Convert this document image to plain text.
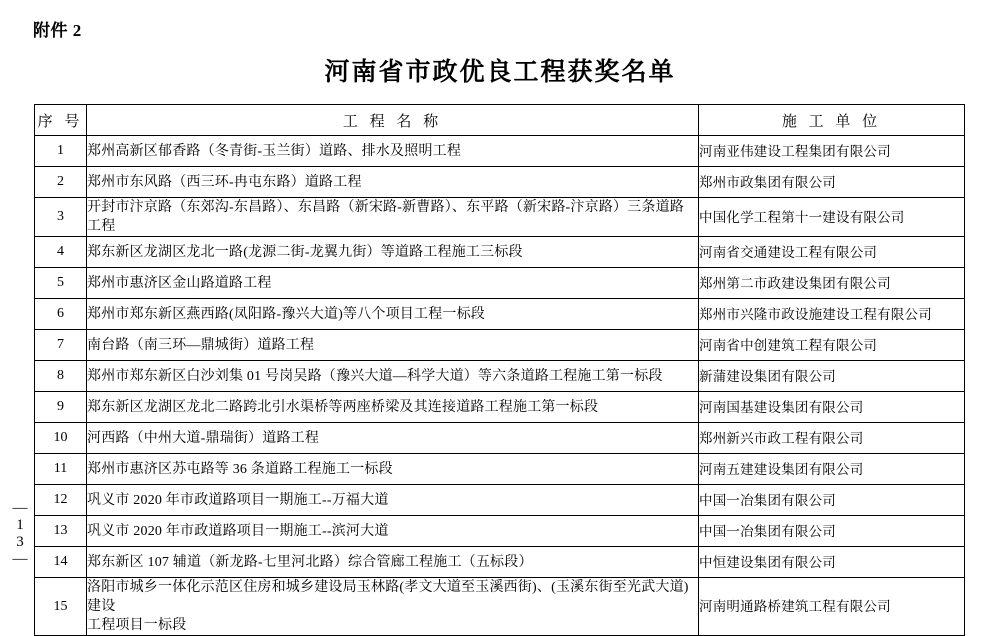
附件 2
河南省市政优良工程获奖名单
—
1
3
—
序 号	工 程 名 称	施 工 单 位
1	郑州高新区郁香路（冬青街-玉兰街）道路、排水及照明工程	河南亚伟建设工程集团有限公司
2	郑州市东风路（西三环-冉屯东路）道路工程	郑州市政集团有限公司
3	开封市汴京路（东郊沟-东昌路）、东昌路（新宋路-新曹路）、东平路（新宋路-汴京路）三条道路工程	中国化学工程第十一建设有限公司
4	郑东新区龙湖区龙北一路(龙源二街-龙翼九街）等道路工程施工三标段	河南省交通建设工程有限公司
5	郑州市惠济区金山路道路工程	郑州第二市政建设集团有限公司
6	郑州市郑东新区燕西路(凤阳路-豫兴大道)等八个项目工程一标段	郑州市兴隆市政设施建设工程有限公司
7	南台路（南三环—鼎城街）道路工程	河南省中创建筑工程有限公司
8	郑州市郑东新区白沙刘集 01 号岗吴路（豫兴大道—科学大道）等六条道路工程施工第一标段	新蒲建设集团有限公司
9	郑东新区龙湖区龙北二路跨北引水渠桥等两座桥梁及其连接道路工程施工第一标段	河南国基建设集团有限公司
10	河西路（中州大道-鼎瑞街）道路工程	郑州新兴市政工程有限公司
11	郑州市惠济区苏屯路等 36 条道路工程施工一标段	河南五建建设集团有限公司
12	巩义市 2020 年市政道路项目一期施工--万福大道	中国一冶集团有限公司
13	巩义市 2020 年市政道路项目一期施工--滨河大道	中国一冶集团有限公司
14	郑东新区 107 辅道（新龙路-七里河北路）综合管廊工程施工（五标段）	中恒建设集团有限公司
15	洛阳市城乡一体化示范区住房和城乡建设局玉林路(孝文大道至玉溪西街)、(玉溪东街至光武大道)建设
工程项目一标段	河南明通路桥建筑工程有限公司
